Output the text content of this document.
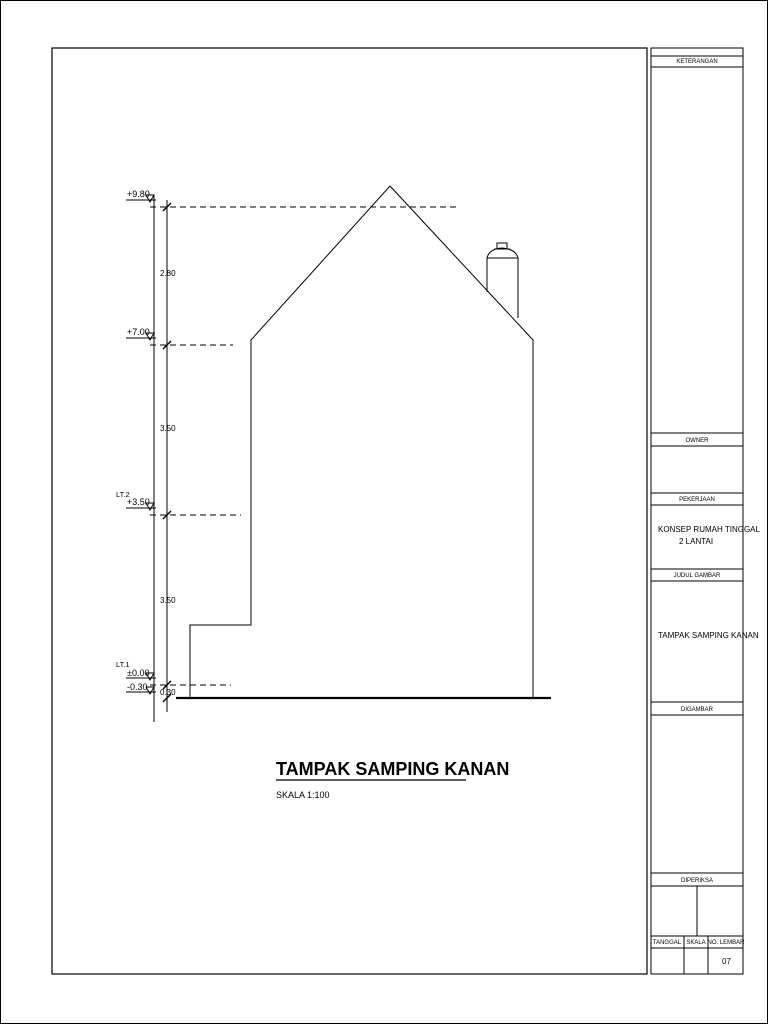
+9.80
+7.00
+3.50
LT.2
±0.00
LT.1
-0.30
2.80
3.50
3.50
0.30
TAMPAK SAMPING KANAN
SKALA 1:100
KETERANGAN
OWNER
PEKERJAAN
JUDUL GAMBAR
DIGAMBAR
DIPERIKSA
TANGGAL SKALA NO. LEMBAR
KONSEP RUMAH TINGGAL
2 LANTAI
TAMPAK SAMPING KANAN
07
